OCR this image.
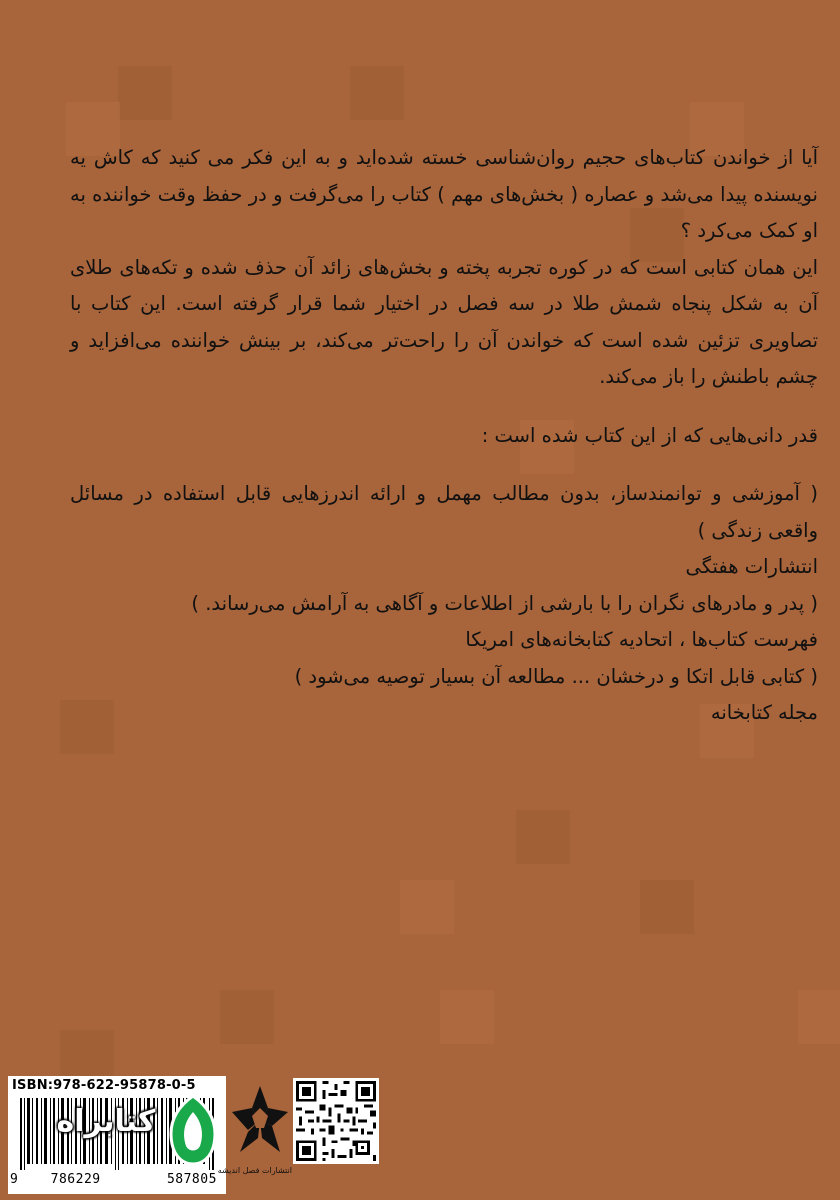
آیا از خواندن کتاب‌های حجیم روان‌شناسی خسته شده‌اید و به این فکر می کنید که کاش یه نویسنده پیدا می‌شد و عصاره ( بخش‌های مهم ) کتاب را می‌گرفت و در حفظ وقت خواننده به او کمک می‌کرد ؟

این همان کتابی است که در کوره تجربه پخته و بخش‌های زائد آن حذف شده و تکه‌های طلای آن به شکل پنجاه شمش طلا در سه فصل در اختیار شما قرار گرفته است. این کتاب با تصاویری تزئین شده است که خواندن آن را راحت‌تر می‌کند، بر بینش خواننده می‌افزاید و چشم باطنش را باز می‌کند.

قدر دانی‌هایی که از این کتاب شده است :

( آموزشی و توانمندساز، بدون مطالب مهمل و ارائه اندرزهایی قابل استفاده در مسائل واقعی زندگی )

انتشارات هفتگی

( پدر و مادرهای نگران را با بارشی از اطلاعات و آگاهی به آرامش می‌رساند. )

فهرست کتاب‌ها ، اتحادیه کتابخانه‌های امریکا

( کتابی قابل اتکا و درخشان ... مطالعه آن بسیار توصیه می‌شود )

مجله کتابخانه

ISBN:978-622-95878-0-5
9 786229	587805
کتابراه
انتشارات فصل اندیشه
